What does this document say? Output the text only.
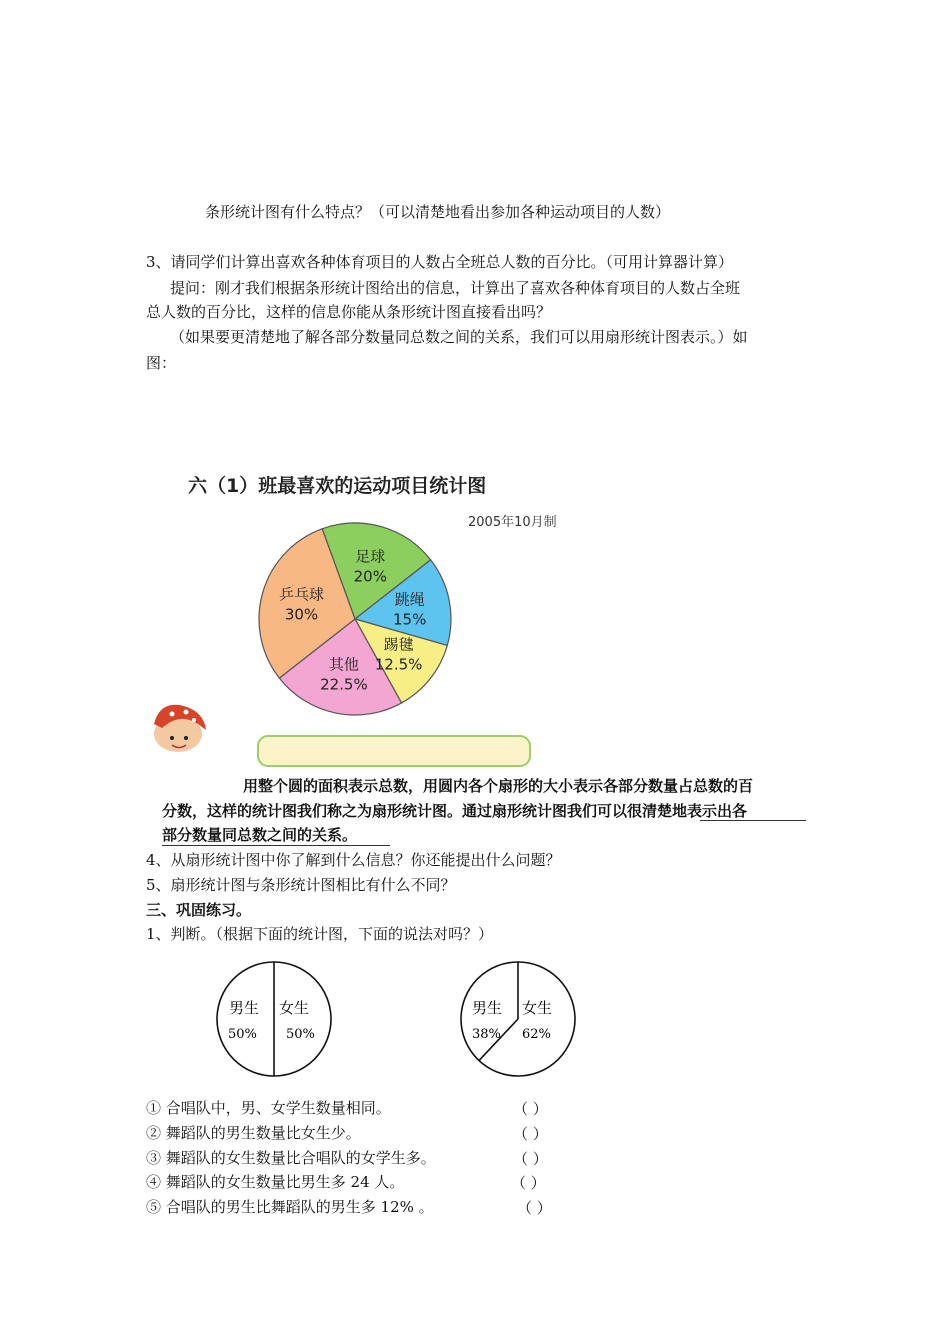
条形统计图有什么特点？（可以清楚地看出参加各种运动项目的人数）
3、请同学们计算出喜欢各种体育项目的人数占全班总人数的百分比。（可用计算器计算）
提问：刚才我们根据条形统计图给出的信息，计算出了喜欢各种体育项目的人数占全班
总人数的百分比，这样的信息你能从条形统计图直接看出吗？
（如果要更清楚地了解各部分数量同总数之间的关系，我们可以用扇形统计图表示。）如
图：
六（1）班最喜欢的运动项目统计图
2005年10月制
足球
20%
跳绳
15%
踢毽
12.5%
其他
22.5%
乒乓球
30%
用整个圆的面积表示总数，用圆内各个扇形的大小表示各部分数量占总数的百
分数，这样的统计图我们称之为扇形统计图。通过扇形统计图我们可以很清楚地表示出各
部分数量同总数之间的关系。
4、从扇形统计图中你了解到什么信息？你还能提出什么问题？
5、扇形统计图与条形统计图相比有什么不同？
三、巩固练习。
1、判断。（根据下面的统计图，下面的说法对吗？）
男生 女生
50% 50%
男生 女生
38% 62%
① 合唱队中，男、女学生数量相同。	（ ）
② 舞蹈队的男生数量比女生少。	（ ）
③ 舞蹈队的女生数量比合唱队的女学生多。	（ ）
④ 舞蹈队的女生数量比男生多 24 人。	（ ）
⑤ 合唱队的男生比舞蹈队的男生多 12% 。	（ ）
